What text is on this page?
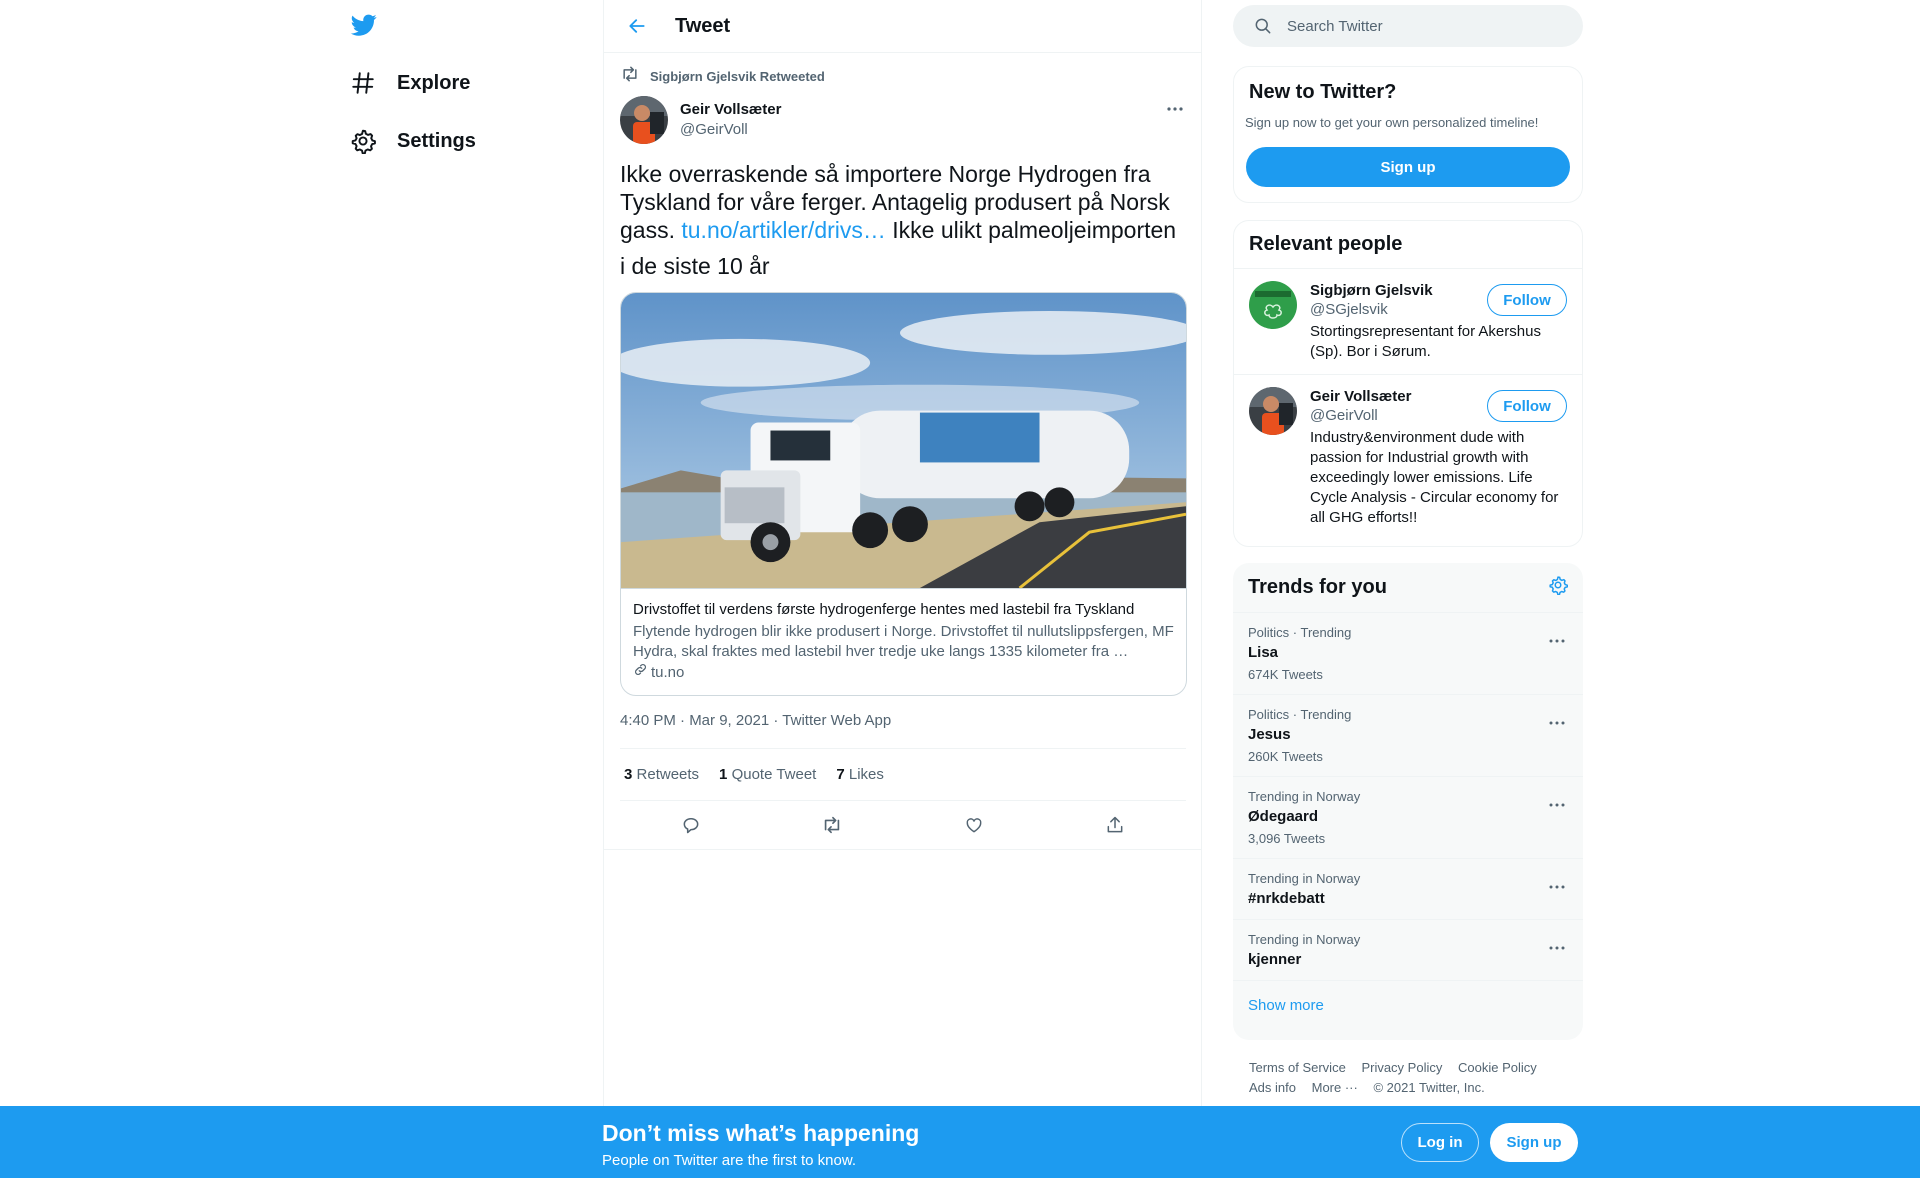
Explore
Settings
Tweet
Sigbjørn Gjelsvik Retweeted
Geir Vollsæter
@GeirVoll
Ikke overraskende så importere Norge Hydrogen fra Tyskland for våre ferger. Antagelig produsert på Norsk gass. tu.no/artikler/drivs… Ikke ulikt palmeoljeimporten
i de siste 10 år
Drivstoffet til verdens første hydrogenferge hentes med lastebil fra Tyskland
Flytende hydrogen blir ikke produsert i Norge. Drivstoffet til nullutslippsfergen, MF Hydra, skal fraktes med lastebil hver tredje uke langs 1335 kilometer fra …
tu.no
4:40 PM · Mar 9, 2021 · Twitter Web App
3 Retweets 1 Quote Tweet 7 Likes
Search Twitter
New to Twitter?
Sign up now to get your own personalized timeline!
Sign up
Relevant people
Sigbjørn Gjelsvik
@SGjelsvik
Stortingsrepresentant for Akershus (Sp). Bor i Sørum.
Follow
Geir Vollsæter
@GeirVoll
Industry&environment dude with passion for Industrial growth with exceedingly lower emissions. Life Cycle Analysis - Circular economy for all GHG efforts!!
Follow
Trends for you
Politics · Trending
Lisa
674K Tweets
Politics · Trending
Jesus
260K Tweets
Trending in Norway
Ødegaard
3,096 Tweets
Trending in Norway
#nrkdebatt
Trending in Norway
kjenner
Show more
Terms of Service Privacy Policy Cookie Policy
Ads info More ··· © 2021 Twitter, Inc.
Don’t miss what’s happening
People on Twitter are the first to know.
Log in	Sign up
